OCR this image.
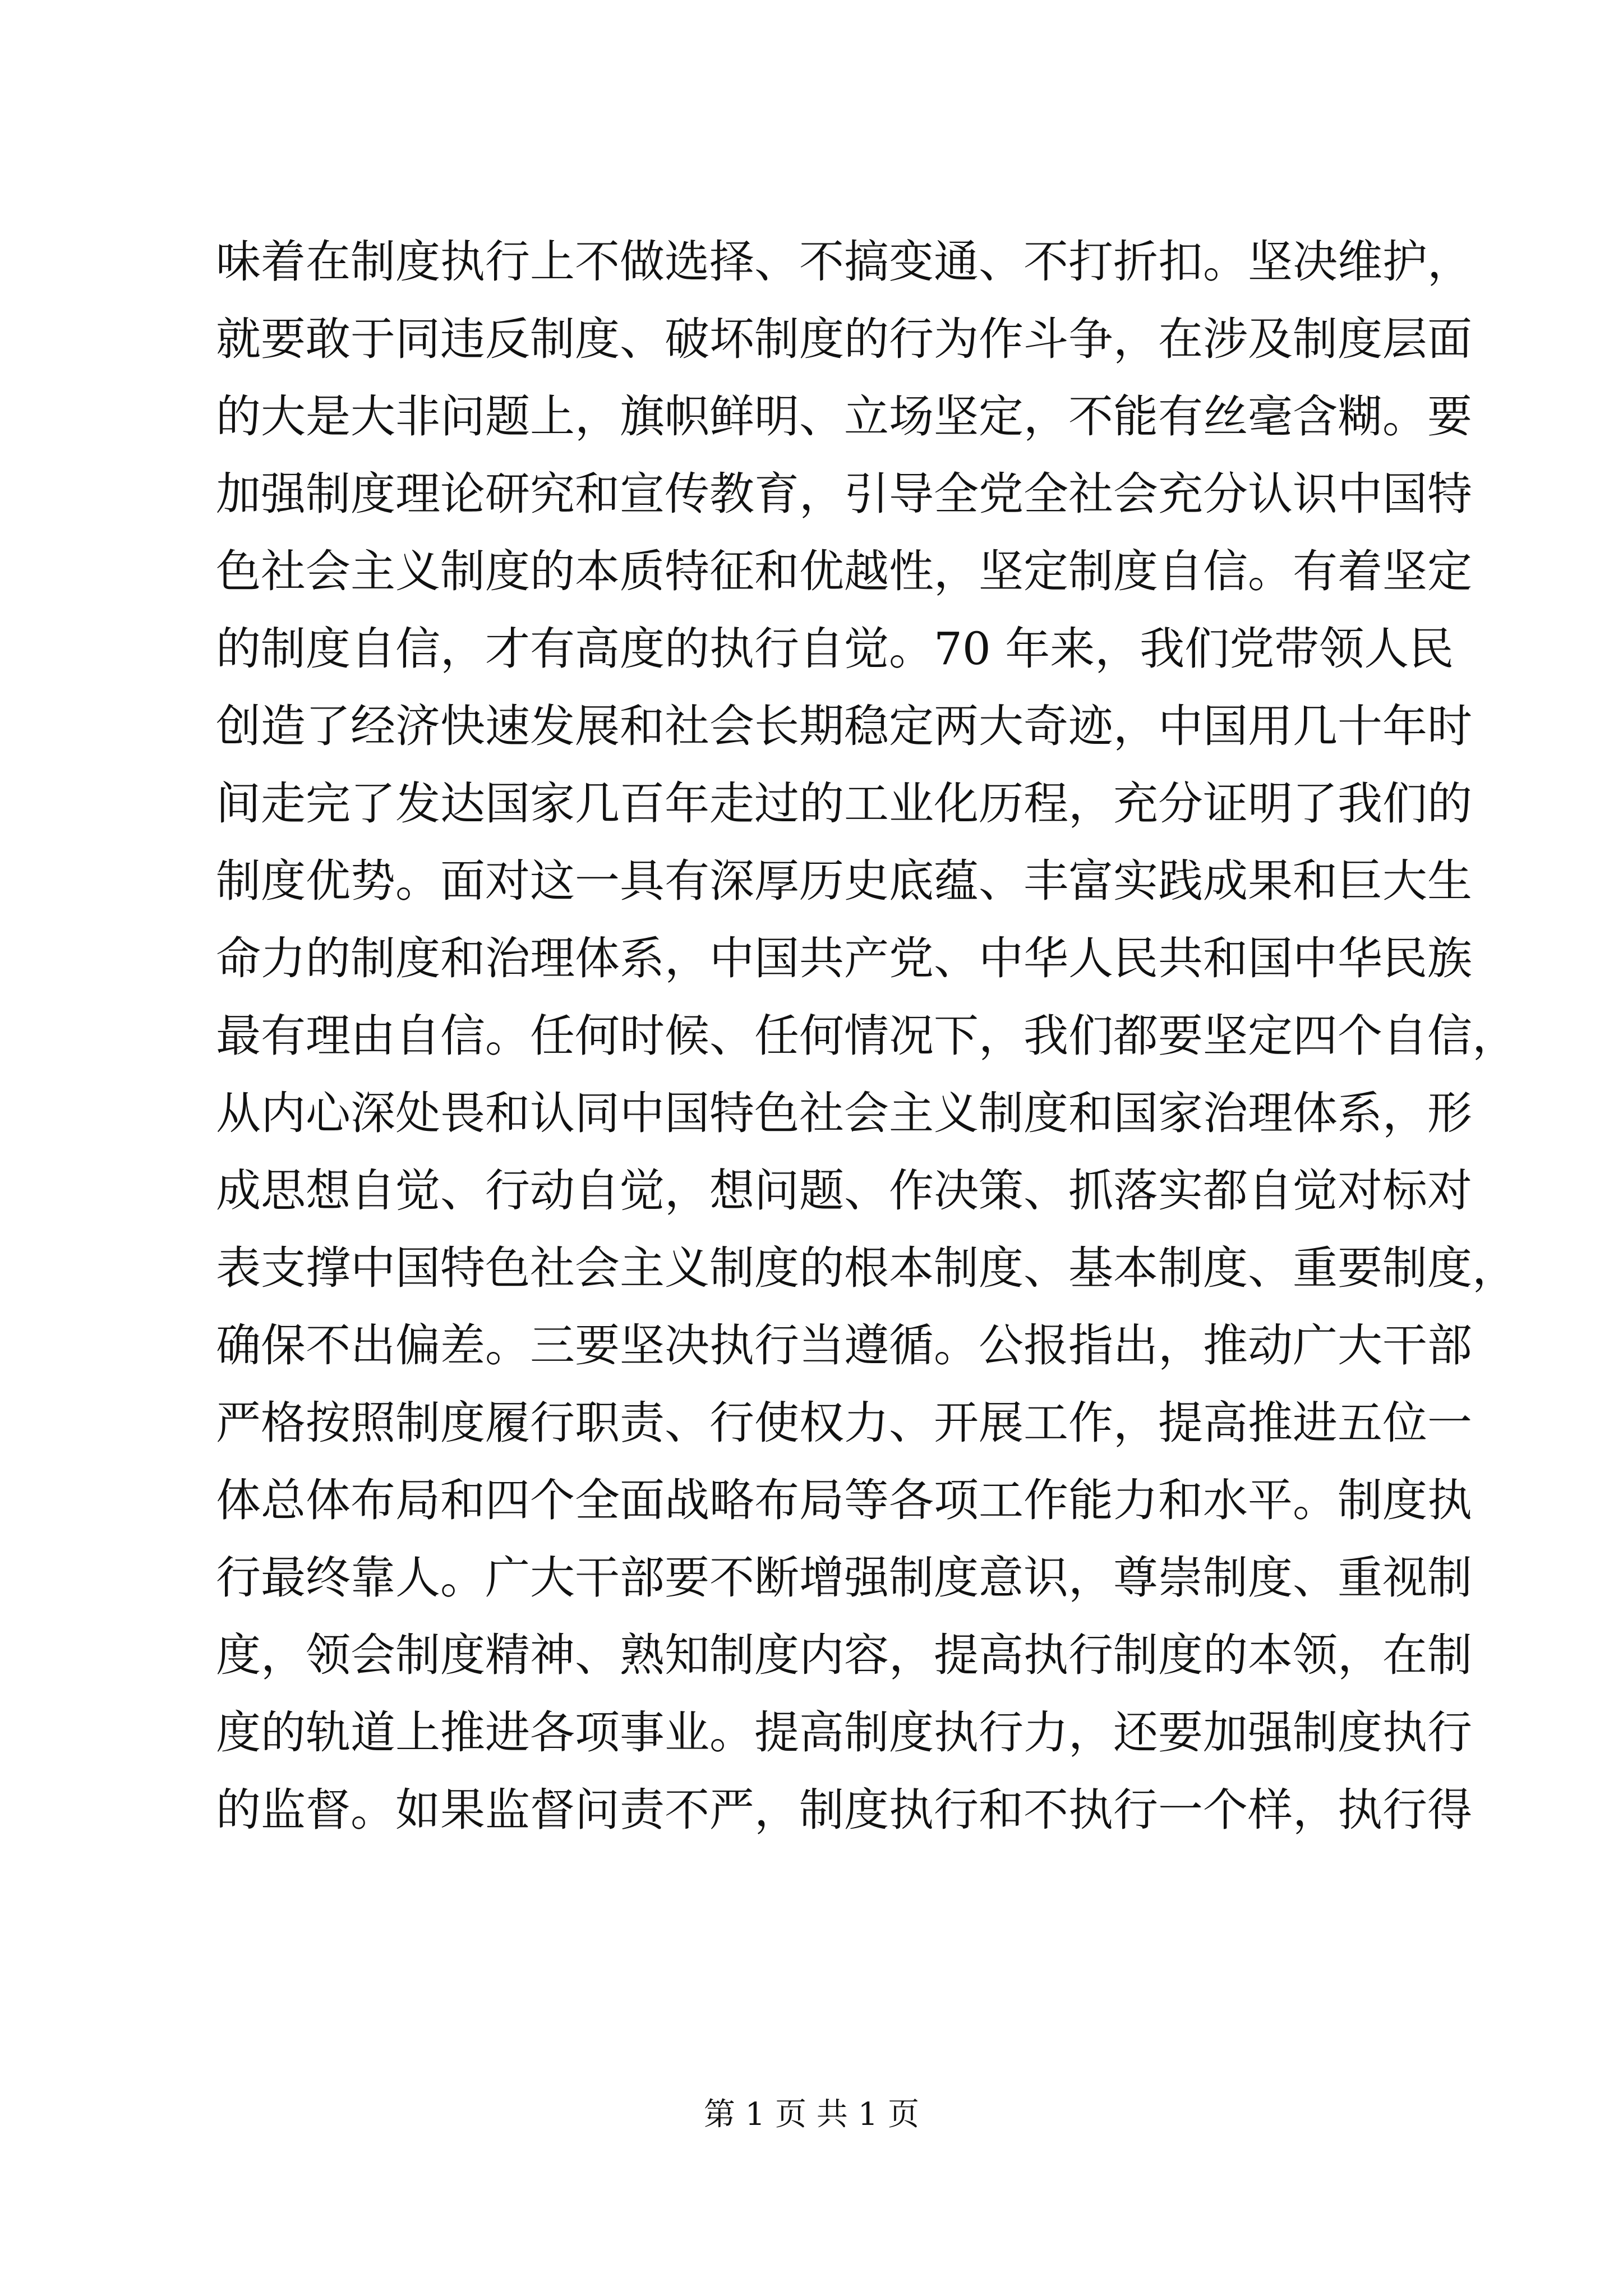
味着在制度执行上不做选择、不搞变通、不打折扣。坚决维护，
就要敢于同违反制度、破坏制度的行为作斗争，在涉及制度层面
的大是大非问题上，旗帜鲜明、立场坚定，不能有丝毫含糊。要
加强制度理论研究和宣传教育，引导全党全社会充分认识中国特
色社会主义制度的本质特征和优越性，坚定制度自信。有着坚定
的制度自信，才有高度的执行自觉。70 年来，我们党带领人民
创造了经济快速发展和社会长期稳定两大奇迹，中国用几十年时
间走完了发达国家几百年走过的工业化历程，充分证明了我们的
制度优势。面对这一具有深厚历史底蕴、丰富实践成果和巨大生
命力的制度和治理体系，中国共产党、中华人民共和国中华民族
最有理由自信。任何时候、任何情况下，我们都要坚定四个自信，
从内心深处畏和认同中国特色社会主义制度和国家治理体系，形
成思想自觉、行动自觉，想问题、作决策、抓落实都自觉对标对
表支撑中国特色社会主义制度的根本制度、基本制度、重要制度，
确保不出偏差。三要坚决执行当遵循。公报指出，推动广大干部
严格按照制度履行职责、行使权力、开展工作，提高推进五位一
体总体布局和四个全面战略布局等各项工作能力和水平。制度执
行最终靠人。广大干部要不断增强制度意识，尊崇制度、重视制
度，领会制度精神、熟知制度内容，提高执行制度的本领，在制
度的轨道上推进各项事业。提高制度执行力，还要加强制度执行
的监督。如果监督问责不严，制度执行和不执行一个样，执行得
第 1 页 共 1 页
